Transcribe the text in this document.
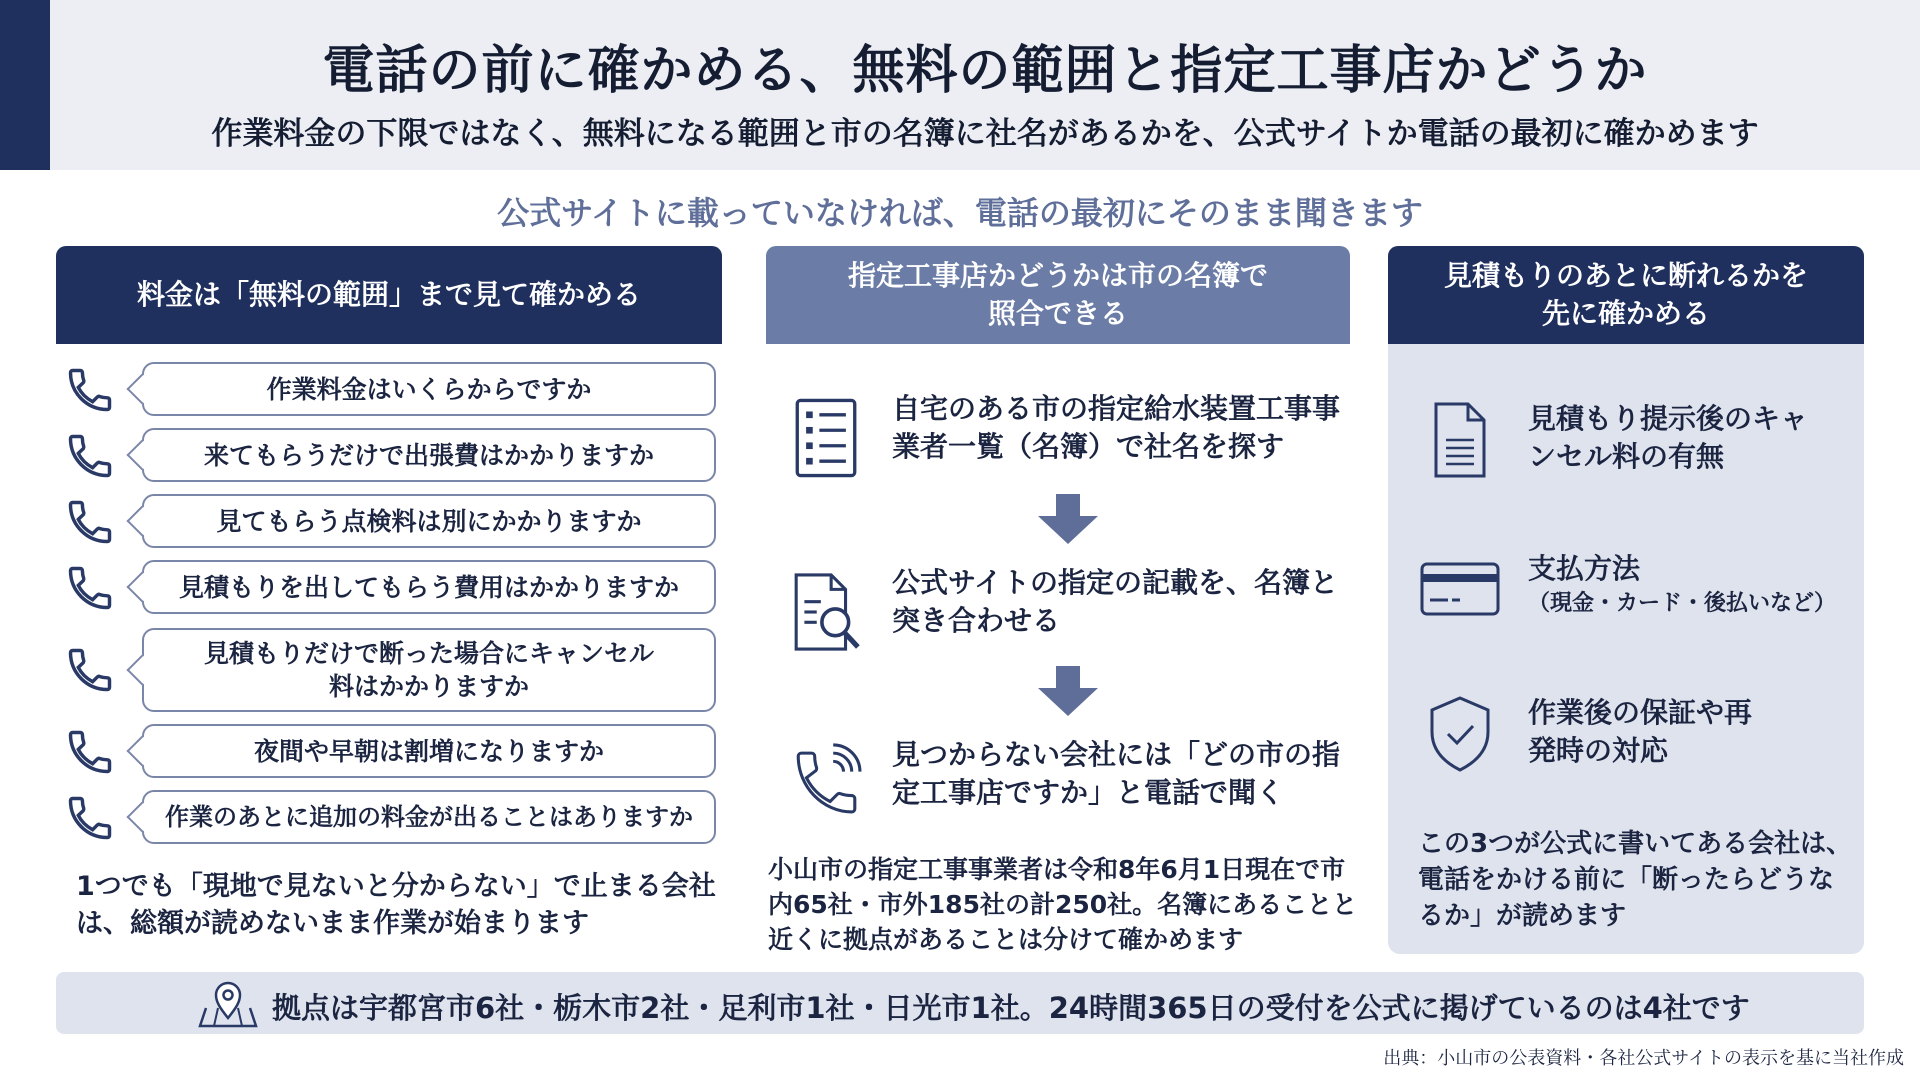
電話の前に確かめる、無料の範囲と指定工事店かどうか
作業料金の下限ではなく、無料になる範囲と市の名簿に社名があるかを、公式サイトか電話の最初に確かめます
公式サイトに載っていなければ、電話の最初にそのまま聞きます
料金は「無料の範囲」まで見て確かめる
指定工事店かどうかは市の名簿で照合できる
見積もりのあとに断れるかを先に確かめる
作業料金はいくらからですか
来てもらうだけで出張費はかかりますか
見てもらう点検料は別にかかりますか
見積もりを出してもらう費用はかかりますか
見積もりだけで断った場合にキャンセル料はかかりますか
夜間や早朝は割増になりますか
作業のあとに追加の料金が出ることはありますか
1つでも「現地で見ないと分からない」で止まる会社は、総額が読めないまま作業が始まります
自宅のある市の指定給水装置工事事業者一覧（名簿）で社名を探す
公式サイトの指定の記載を、名簿と突き合わせる
見つからない会社には「どの市の指定工事店ですか」と電話で聞く
小山市の指定工事事業者は令和8年6月1日現在で市内65社・市外185社の計250社。名簿にあることと近くに拠点があることは分けて確かめます
見積もり提示後のキャンセル料の有無
支払方法
（現金・カード・後払いなど）
作業後の保証や再発時の対応
この3つが公式に書いてある会社は、電話をかける前に「断ったらどうなるか」が読めます
拠点は宇都宮市6社・栃木市2社・足利市1社・日光市1社。24時間365日の受付を公式に掲げているのは4社です
出典：小山市の公表資料・各社公式サイトの表示を基に当社作成
